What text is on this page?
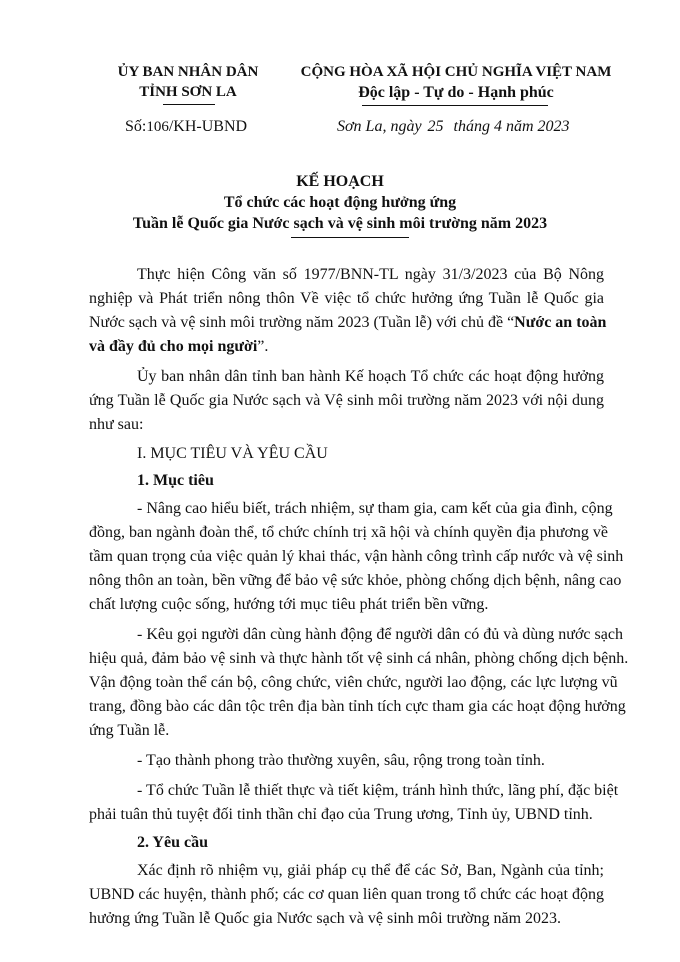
ỦY BAN NHÂN DÂN
TỈNH SƠN LA
CỘNG HÒA XÃ HỘI CHỦ NGHĨA VIỆT NAM
Độc lập - Tự do - Hạnh phúc
Số:106/KH-UBND	Sơn La, ngày 25 tháng 4 năm 2023
KẾ HOẠCH
Tổ chức các hoạt động hưởng ứng
Tuần lễ Quốc gia Nước sạch và vệ sinh môi trường năm 2023
Thực hiện Công văn số 1977/BNN-TL ngày 31/3/2023 của Bộ Nông
nghiệp và Phát triển nông thôn Về việc tổ chức hưởng ứng Tuần lễ Quốc gia
Nước sạch và vệ sinh môi trường năm 2023 (Tuần lễ) với chủ đề “Nước an toàn
và đầy đủ cho mọi người”.
Ủy ban nhân dân tỉnh ban hành Kế hoạch Tổ chức các hoạt động hưởng
ứng Tuần lễ Quốc gia Nước sạch và Vệ sinh môi trường năm 2023 với nội dung
như sau:
I. MỤC TIÊU VÀ YÊU CẦU
1. Mục tiêu
- Nâng cao hiểu biết, trách nhiệm, sự tham gia, cam kết của gia đình, cộng
đồng, ban ngành đoàn thể, tổ chức chính trị xã hội và chính quyền địa phương về
tầm quan trọng của việc quản lý khai thác, vận hành công trình cấp nước và vệ sinh
nông thôn an toàn, bền vững để bảo vệ sức khỏe, phòng chống dịch bệnh, nâng cao
chất lượng cuộc sống, hướng tới mục tiêu phát triển bền vững.
- Kêu gọi người dân cùng hành động để người dân có đủ và dùng nước sạch
hiệu quả, đảm bảo vệ sinh và thực hành tốt vệ sinh cá nhân, phòng chống dịch bệnh.
Vận động toàn thể cán bộ, công chức, viên chức, người lao động, các lực lượng vũ
trang, đồng bào các dân tộc trên địa bàn tỉnh tích cực tham gia các hoạt động hưởng
ứng Tuần lễ.
- Tạo thành phong trào thường xuyên, sâu, rộng trong toàn tỉnh.
- Tổ chức Tuần lễ thiết thực và tiết kiệm, tránh hình thức, lãng phí, đặc biệt
phải tuân thủ tuyệt đối tinh thần chỉ đạo của Trung ương, Tỉnh ủy, UBND tỉnh.
2. Yêu cầu
Xác định rõ nhiệm vụ, giải pháp cụ thể để các Sở, Ban, Ngành của tỉnh;
UBND các huyện, thành phố; các cơ quan liên quan trong tổ chức các hoạt động
hưởng ứng Tuần lễ Quốc gia Nước sạch và vệ sinh môi trường năm 2023.
